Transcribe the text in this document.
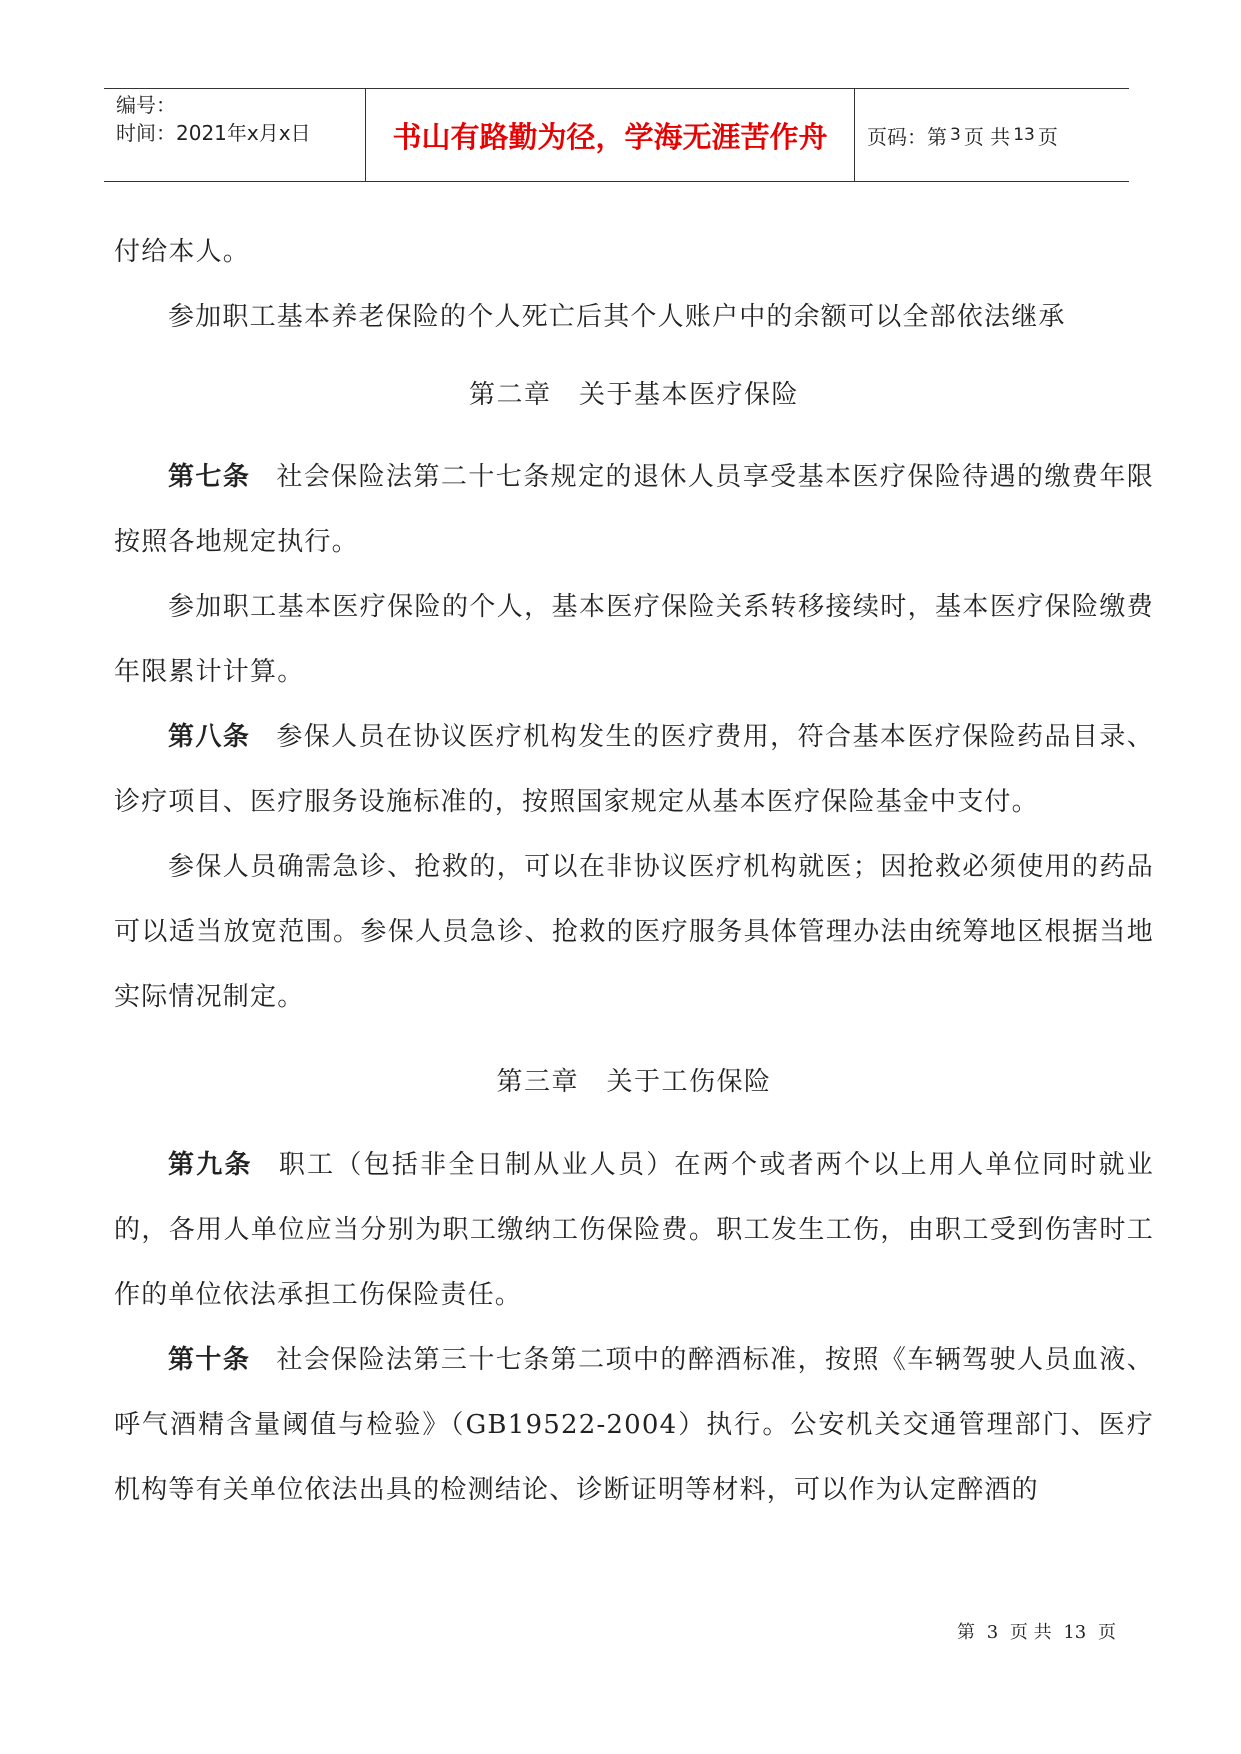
编号：
时间：2021年x月x日	书山有路勤为径，学海无涯苦作舟	页码：第 3 页 共 13 页

付给本人。

参加职工基本养老保险的个人死亡后其个人账户中的余额可以全部依法继承

第二章　关于基本医疗保险

第七条 社会保险法第二十七条规定的退休人员享受基本医疗保险待遇的缴费年限按照各地规定执行。

参加职工基本医疗保险的个人，基本医疗保险关系转移接续时，基本医疗保险缴费年限累计计算。

第八条 参保人员在协议医疗机构发生的医疗费用，符合基本医疗保险药品目录、诊疗项目、医疗服务设施标准的，按照国家规定从基本医疗保险基金中支付。

参保人员确需急诊、抢救的，可以在非协议医疗机构就医；因抢救必须使用的药品可以适当放宽范围。参保人员急诊、抢救的医疗服务具体管理办法由统筹地区根据当地实际情况制定。

第三章　关于工伤保险

第九条 职工（包括非全日制从业人员）在两个或者两个以上用人单位同时就业的，各用人单位应当分别为职工缴纳工伤保险费。职工发生工伤，由职工受到伤害时工作的单位依法承担工伤保险责任。

第十条 社会保险法第三十七条第二项中的醉酒标准，按照《车辆驾驶人员血液、呼气酒精含量阈值与检验》（GB19522-2004）执行。公安机关交通管理部门、医疗机构等有关单位依法出具的检测结论、诊断证明等材料，可以作为认定醉酒的

第 3 页 共 13 页
